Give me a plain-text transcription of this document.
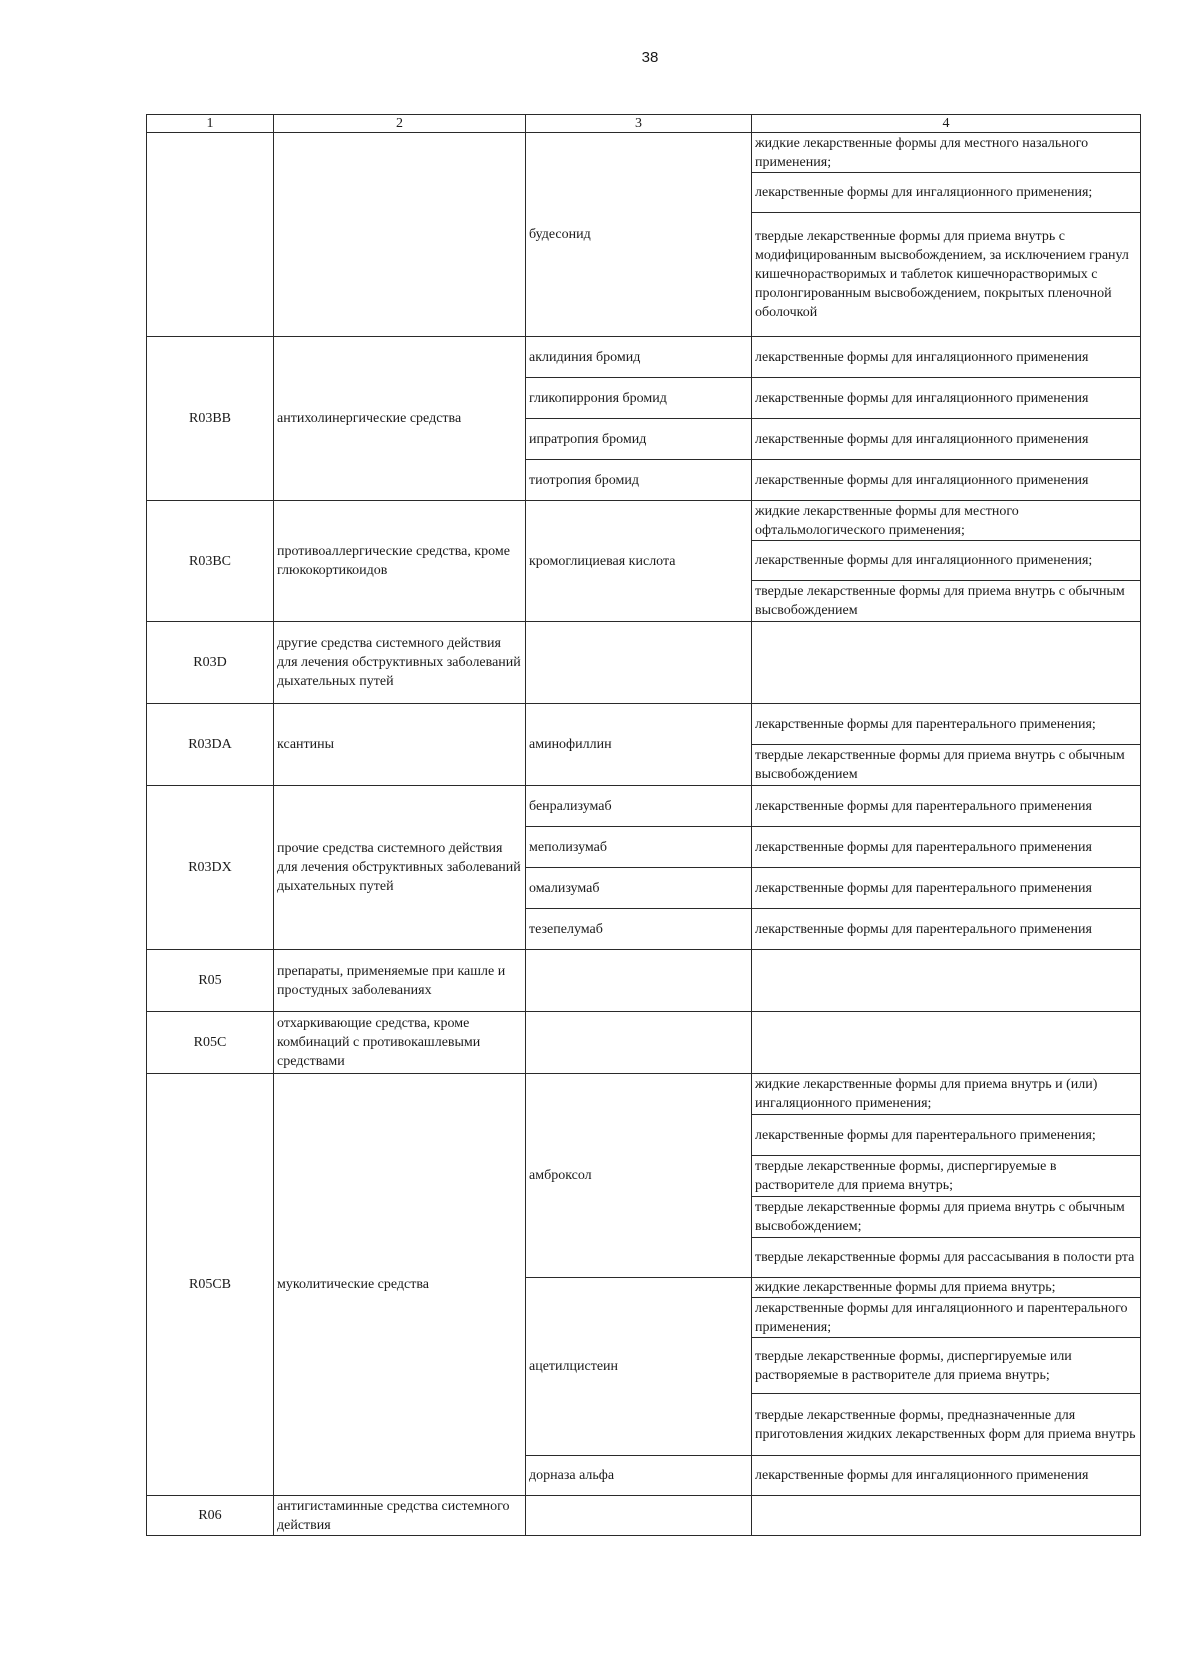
38
1	2	3	4
		будесонид	жидкие лекарственные формы для местного назального применения;
			лекарственные формы для ингаляционного применения;
			твердые лекарственные формы для приема внутрь с модифицированным высвобождением, за исключением гранул кишечнорастворимых и таблеток кишечнорастворимых с пролонгированным высвобождением, покрытых пленочной оболочкой
R03BB	антихолинергические средства	аклидиния бромид	лекарственные формы для ингаляционного применения
		гликопиррония бромид	лекарственные формы для ингаляционного применения
		ипратропия бромид	лекарственные формы для ингаляционного применения
		тиотропия бромид	лекарственные формы для ингаляционного применения
R03BC	противоаллергические средства, кроме глюкокортикоидов	кромоглициевая кислота	жидкие лекарственные формы для местного офтальмологического применения;
			лекарственные формы для ингаляционного применения;
			твердые лекарственные формы для приема внутрь с обычным высвобождением
R03D	другие средства системного действия для лечения обструктивных заболеваний дыхательных путей		
R03DA	ксантины	аминофиллин	лекарственные формы для парентерального применения;
			твердые лекарственные формы для приема внутрь с обычным высвобождением
R03DX	прочие средства системного действия для лечения обструктивных заболеваний дыхательных путей	бенрализумаб	лекарственные формы для парентерального применения
		меполизумаб	лекарственные формы для парентерального применения
		омализумаб	лекарственные формы для парентерального применения
		тезепелумаб	лекарственные формы для парентерального применения
R05	препараты, применяемые при кашле и простудных заболеваниях		
R05C	отхаркивающие средства, кроме комбинаций с противокашлевыми средствами		
R05CB	муколитические средства	амброксол	жидкие лекарственные формы для приема внутрь и (или) ингаляционного применения;
			лекарственные формы для парентерального применения;
			твердые лекарственные формы, диспергируемые в растворителе для приема внутрь;
			твердые лекарственные формы для приема внутрь с обычным высвобождением;
			твердые лекарственные формы для рассасывания в полости рта
		ацетилцистеин	жидкие лекарственные формы для приема внутрь;
			лекарственные формы для ингаляционного и парентерального применения;
			твердые лекарственные формы, диспергируемые или растворяемые в растворителе для приема внутрь;
			твердые лекарственные формы, предназначенные для приготовления жидких лекарственных форм для приема внутрь
		дорназа альфа	лекарственные формы для ингаляционного применения
R06	антигистаминные средства системного действия		
